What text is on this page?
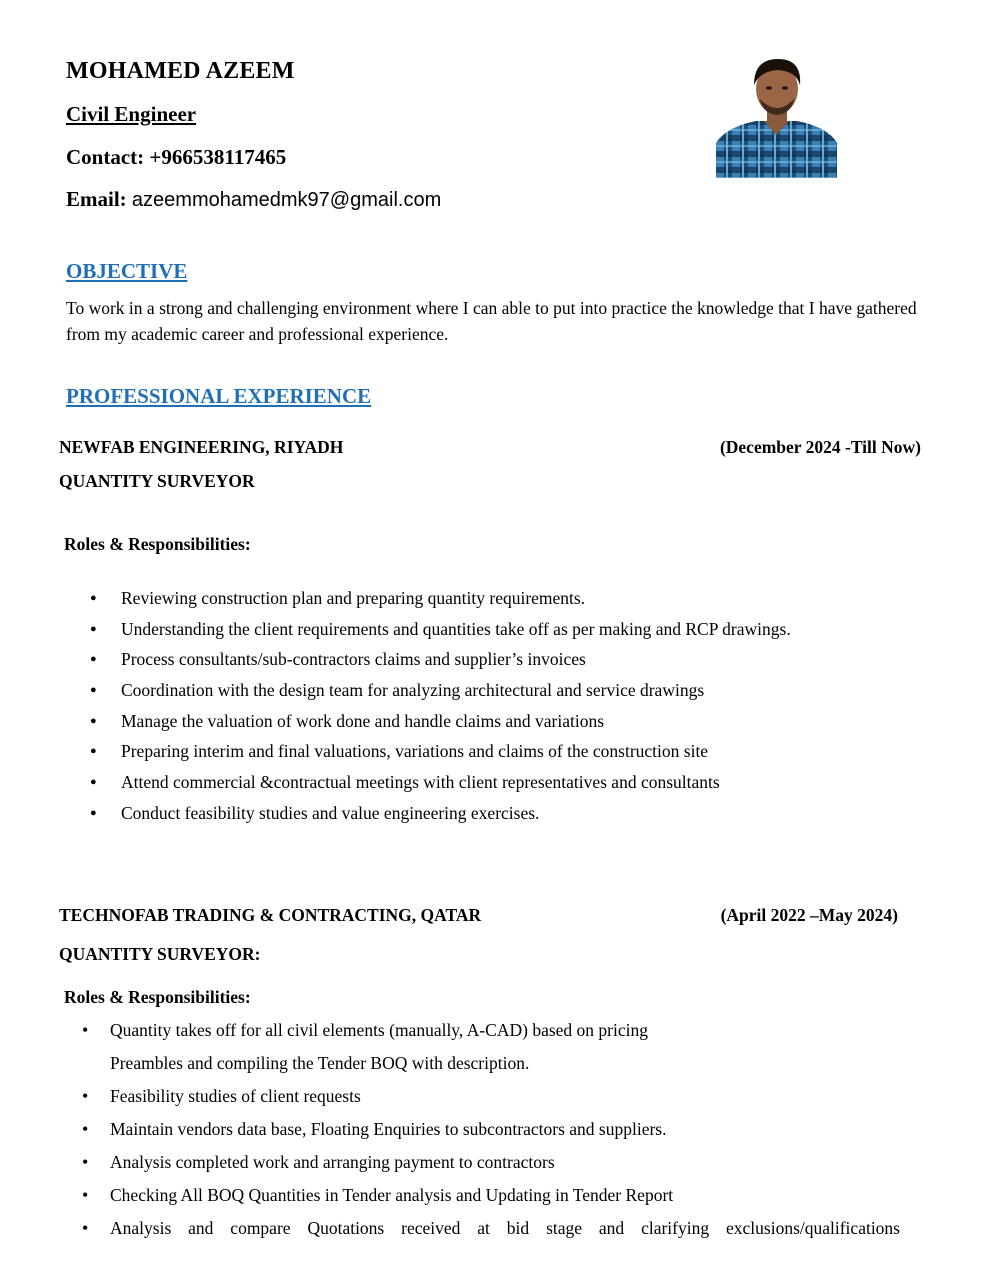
MOHAMED AZEEM
Civil Engineer
Contact: +966538117465
Email: azeemmohamedmk97@gmail.com
OBJECTIVE
To work in a strong and challenging environment where I can able to put into practice the knowledge that I have gathered from my academic career and professional experience.
PROFESSIONAL EXPERIENCE
NEWFAB ENGINEERING, RIYADH	(December 2024 -Till Now)
QUANTITY SURVEYOR
Roles & Responsibilities:
● Reviewing construction plan and preparing quantity requirements.
● Understanding the client requirements and quantities take off as per making and RCP drawings.
● Process consultants/sub-contractors claims and supplier’s invoices
● Coordination with the design team for analyzing architectural and service drawings
● Manage the valuation of work done and handle claims and variations
● Preparing interim and final valuations, variations and claims of the construction site
● Attend commercial &contractual meetings with client representatives and consultants
● Conduct feasibility studies and value engineering exercises.
TECHNOFAB TRADING & CONTRACTING, QATAR	(April 2022 –May 2024)
QUANTITY SURVEYOR:
Roles & Responsibilities:
• Quantity takes off for all civil elements (manually, A-CAD) based on pricing
Preambles and compiling the Tender BOQ with description.
• Feasibility studies of client requests
• Maintain vendors data base, Floating Enquiries to subcontractors and suppliers.
• Analysis completed work and arranging payment to contractors
• Checking All BOQ Quantities in Tender analysis and Updating in Tender Report
• Analysis and compare Quotations received at bid stage and clarifying exclusions/qualifications
